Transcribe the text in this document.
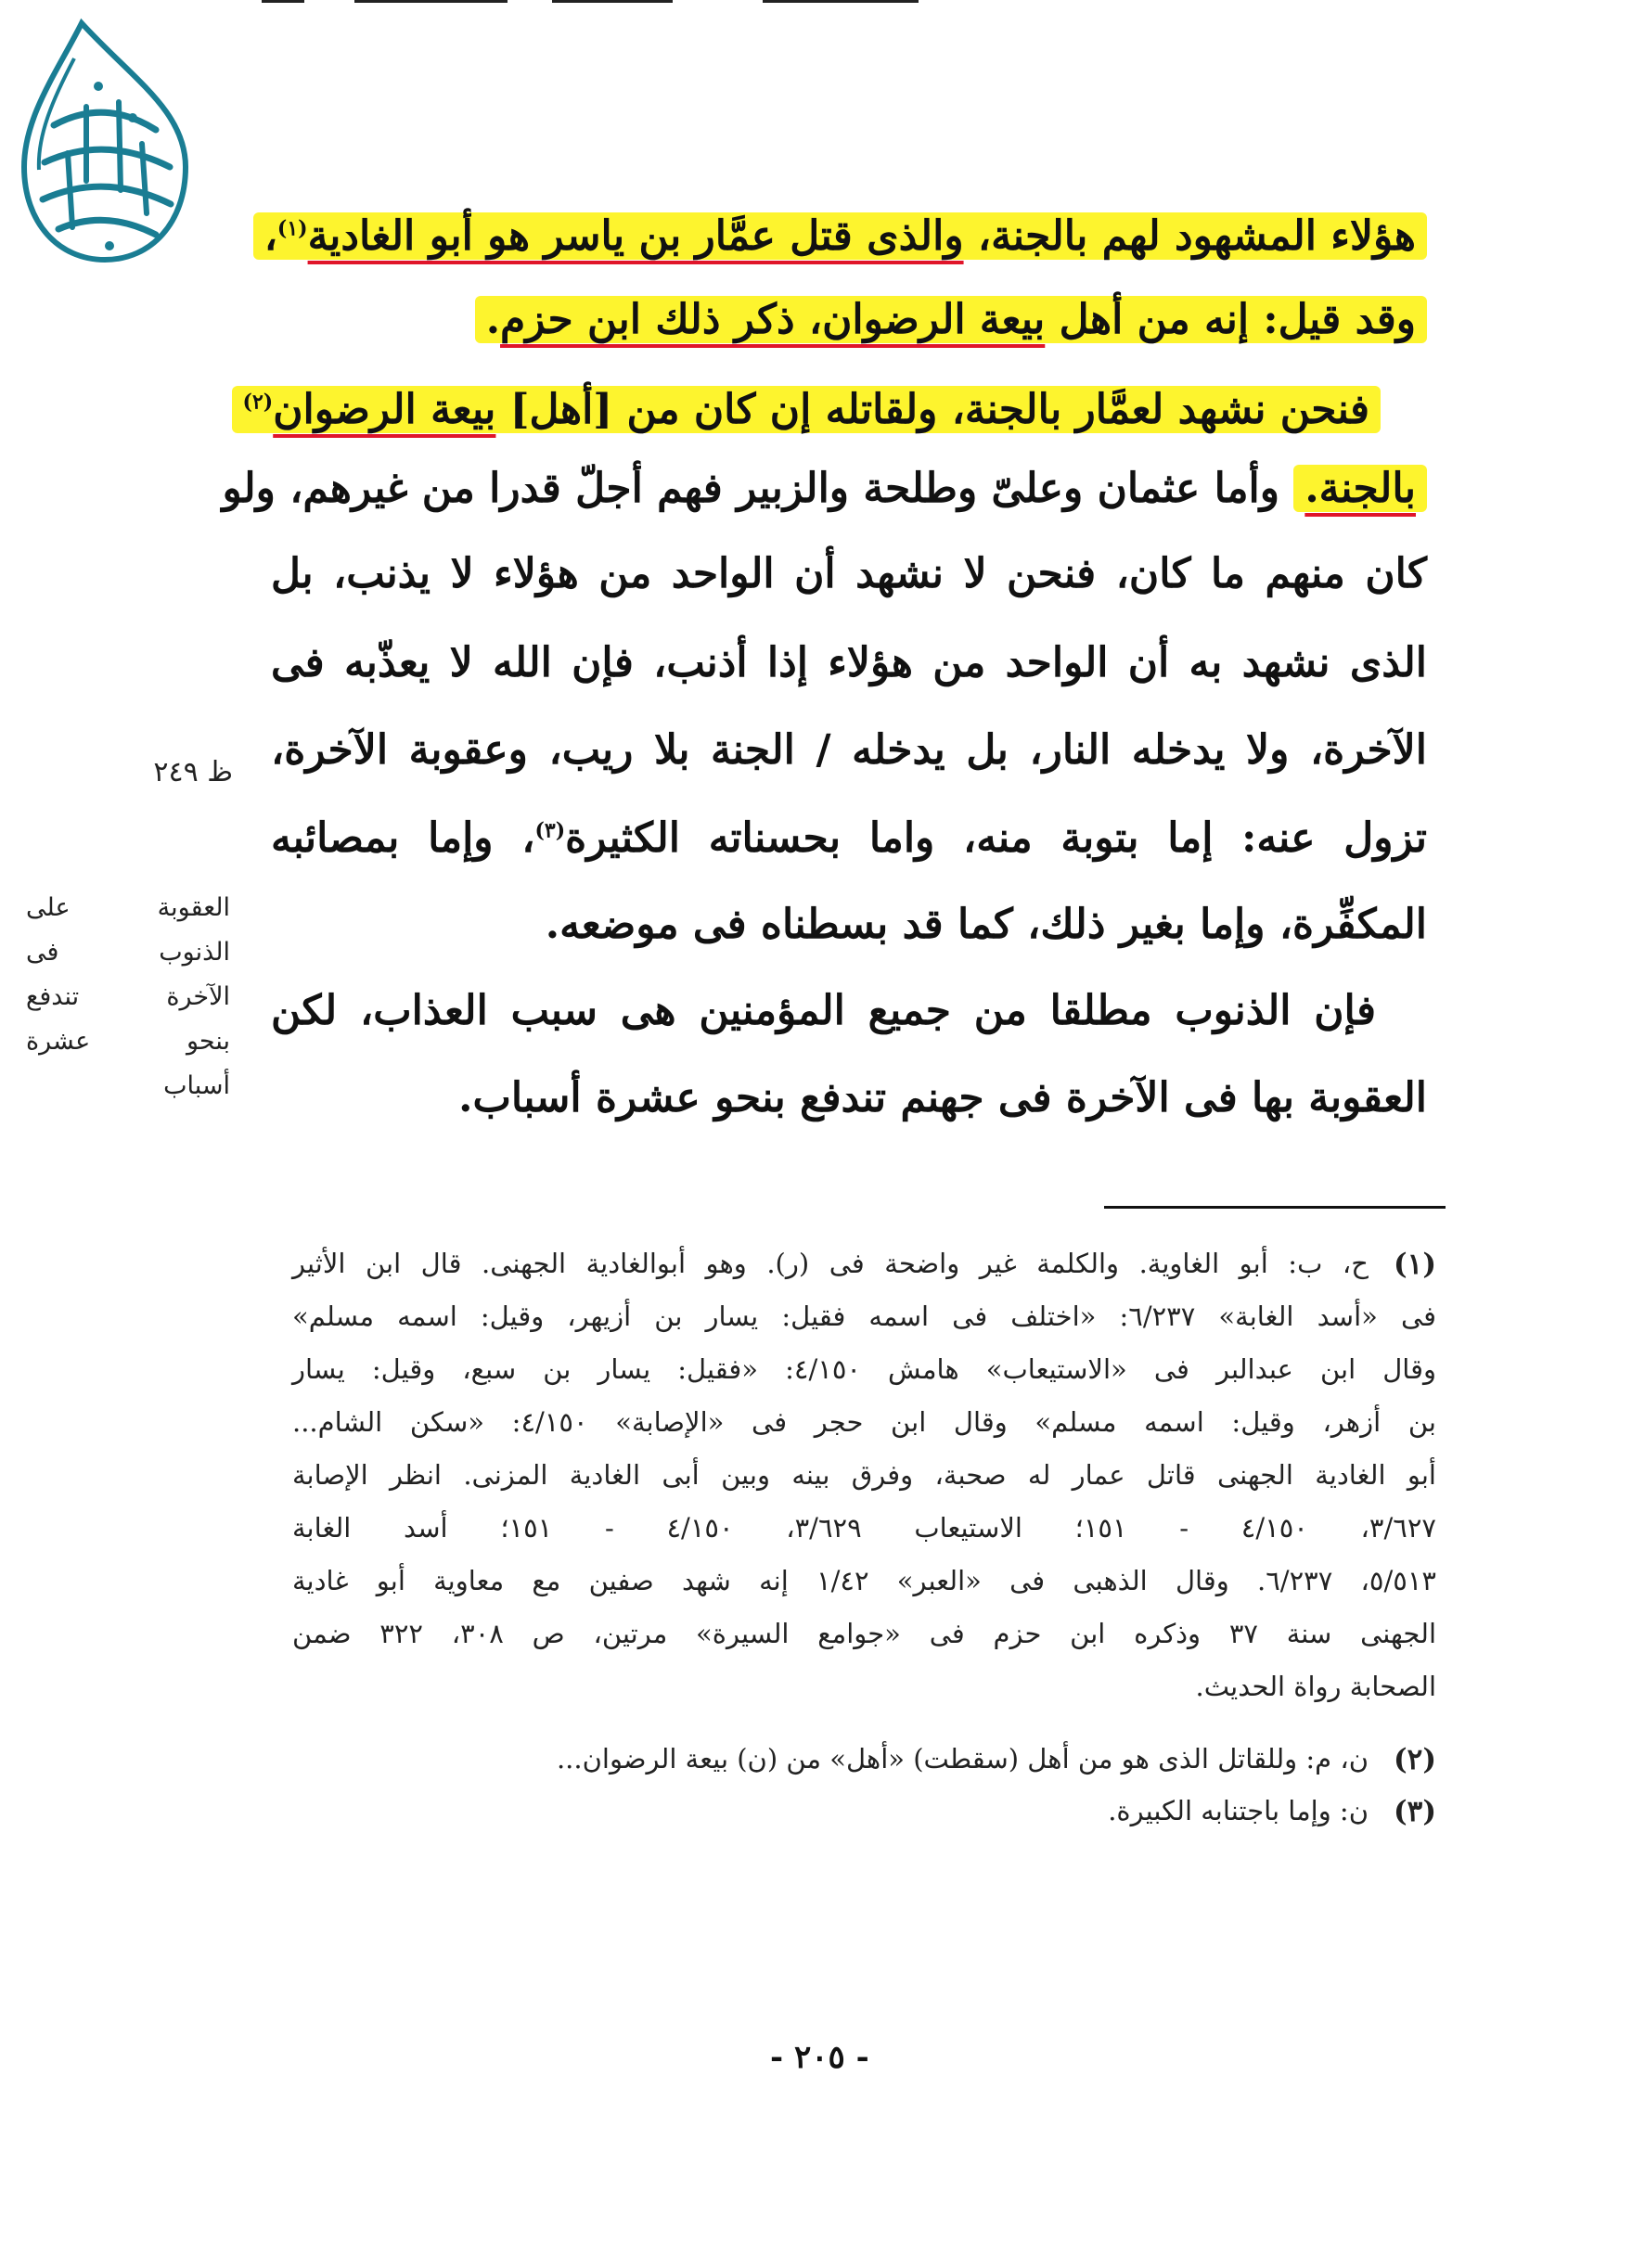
هؤلاء المشهود لهم بالجنة، والذى قتل عمَّار بن ياسر هو أبو الغادية$^{(١)}$،
وقد قيل: إنه من أهل بيعة الرضوان، ذكر ذلك ابن حزم.
فنحن نشهد لعمَّار بالجنة، ولقاتله إن كان من [أهل] بيعة الرضوان$^{(٢)}$
بالجنة. وأما عثمان وعلىّ وطلحة والزبير فهم أجلّ قدرا من غيرهم، ولو
كان منهم ما كان، فنحن لا نشهد أن الواحد من هؤلاء لا يذنب، بل
الذى نشهد به أن الواحد من هؤلاء إذا أذنب، فإن الله لا يعذّبه فى
الآخرة، ولا يدخله النار، بل يدخله / الجنة بلا ريب، وعقوبة الآخرة،
تزول عنه: إما بتوبة منه، واما بحسناته الكثيرة$^{(٣)}$، وإما بمصائبه
المكفِّرة، وإما بغير ذلك، كما قد بسطناه فى موضعه.
فإن الذنوب مطلقا من جميع المؤمنين هى سبب العذاب، لكن
العقوبة بها فى الآخرة فى جهنم تندفع بنحو عشرة أسباب.
ظ ٢٤٩
العقوبة على
الذنوب فى
الآخرة تندفع
بنحو عشرة
أسباب
(١)
ح، ب: أبو الغاوية. والكلمة غير واضحة فى (ر). وهو أبوالغادية الجهنى. قال ابن الأثير
فى «أسد الغابة» ٦/٢٣٧: «اختلف فى اسمه فقيل: يسار بن أزيهر، وقيل: اسمه مسلم»
وقال ابن عبدالبر فى «الاستيعاب» هامش ٤/١٥٠: «فقيل: يسار بن سبع، وقيل: يسار
بن أزهر، وقيل: اسمه مسلم» وقال ابن حجر فى «الإصابة» ٤/١٥٠: «سكن الشام...
أبو الغادية الجهنى قاتل عمار له صحبة، وفرق بينه وبين أبى الغادية المزنى. انظر الإصابة
٣/٦٢٧، ٤/١٥٠ - ١٥١؛ الاستيعاب ٣/٦٢٩، ٤/١٥٠ - ١٥١؛ أسد الغابة
٥/٥١٣، ٦/٢٣٧. وقال الذهبى فى «العبر» ١/٤٢ إنه شهد صفين مع معاوية أبو غادية
الجهنى سنة ٣٧ وذكره ابن حزم فى «جوامع السيرة» مرتين، ص ٣٠٨، ٣٢٢ ضمن
الصحابة رواة الحديث.
(٢)
ن، م: وللقاتل الذى هو من أهل (سقطت) «أهل» من (ن) بيعة الرضوان...
(٣)
ن: وإما باجتنابه الكبيرة.
- ٢٠٥ -
